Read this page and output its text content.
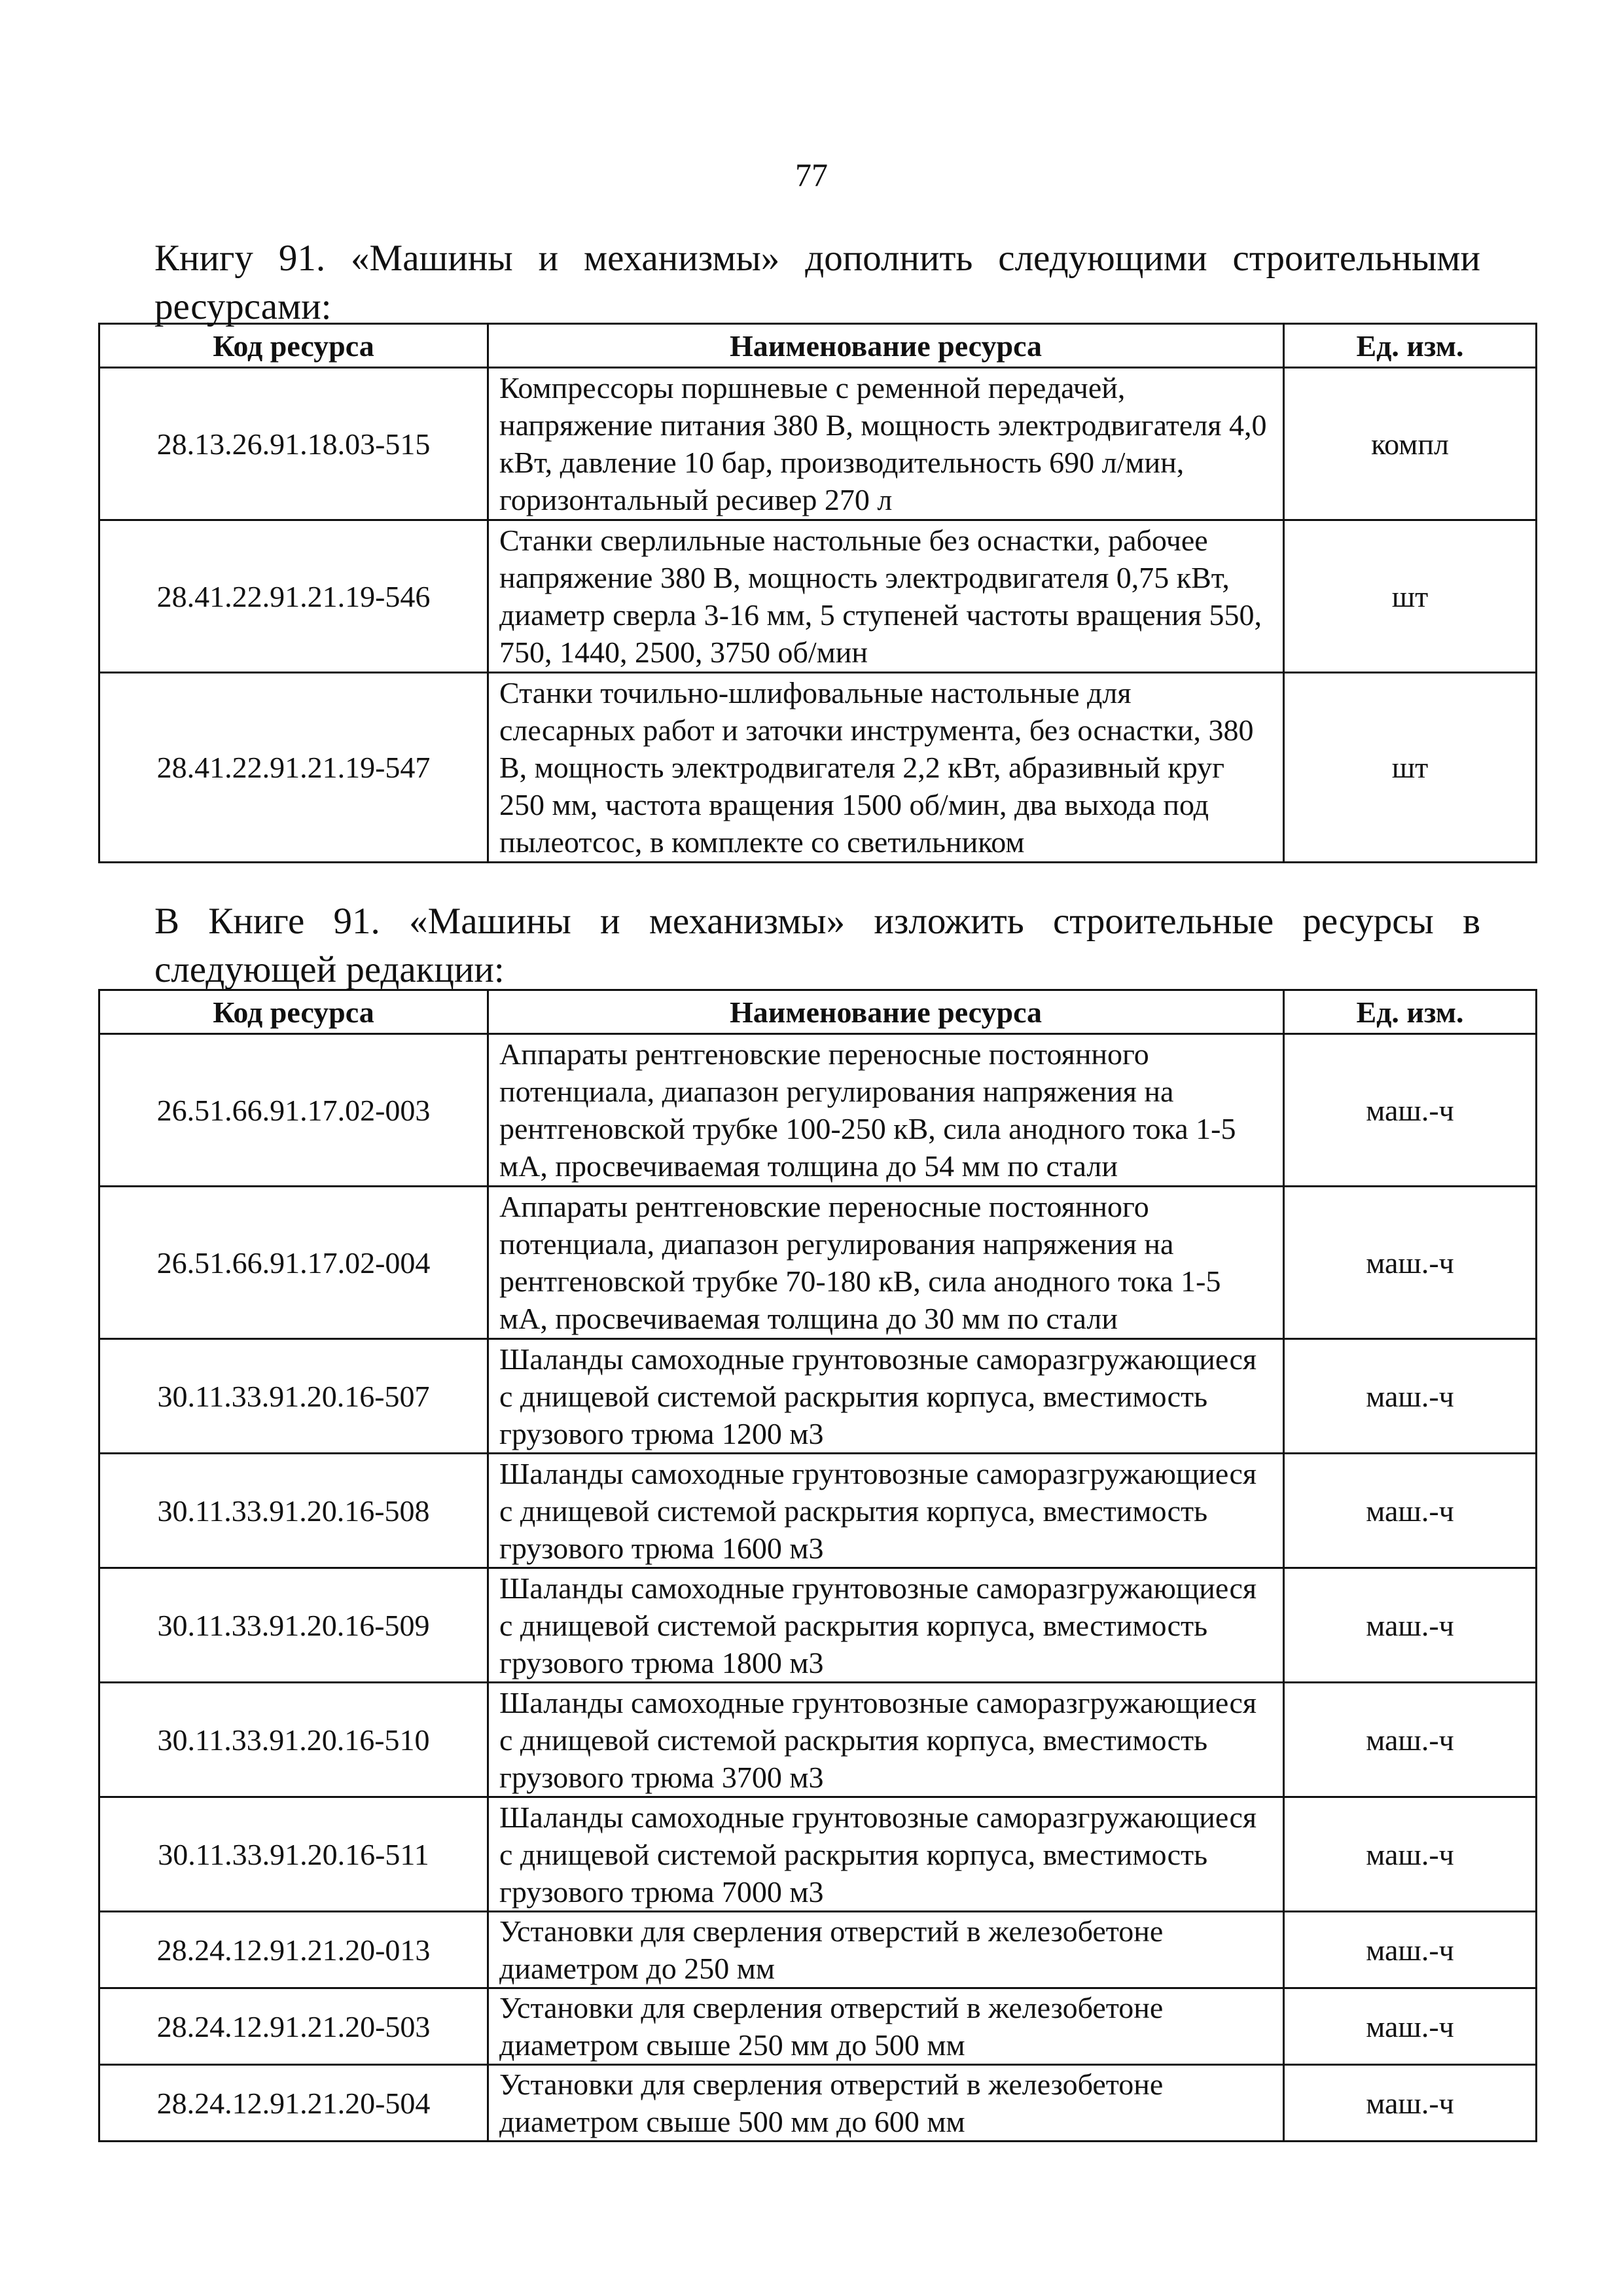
77
Книгу 91. «Машины и механизмы» дополнить следующими строительными ресурсами:
Код ресурса	Наименование ресурса	Ед. изм.
28.13.26.91.18.03-515	Компрессоры поршневые с ременной передачей, напряжение питания 380 В, мощность электродвигателя 4,0 кВт, давление 10 бар, производительность 690 л/мин, горизонтальный ресивер 270 л	компл
28.41.22.91.21.19-546	Станки сверлильные настольные без оснастки, рабочее напряжение 380 В, мощность электродвигателя 0,75 кВт, диаметр сверла 3-16 мм, 5 ступеней частоты вращения 550, 750, 1440, 2500, 3750 об/мин	шт
28.41.22.91.21.19-547	Станки точильно-шлифовальные настольные для слесарных работ и заточки инструмента, без оснастки, 380 В, мощность электродвигателя 2,2 кВт, абразивный круг 250 мм, частота вращения 1500 об/мин, два выхода под пылеотсос, в комплекте со светильником	шт
В Книге 91. «Машины и механизмы» изложить строительные ресурсы в следующей редакции:
Код ресурса	Наименование ресурса	Ед. изм.
26.51.66.91.17.02-003	Аппараты рентгеновские переносные постоянного потенциала, диапазон регулирования напряжения на рентгеновской трубке 100-250 кВ, сила анодного тока 1-5 мА, просвечиваемая толщина до 54 мм по стали	маш.-ч
26.51.66.91.17.02-004	Аппараты рентгеновские переносные постоянного потенциала, диапазон регулирования напряжения на рентгеновской трубке 70-180 кВ, сила анодного тока 1-5 мА, просвечиваемая толщина до 30 мм по стали	маш.-ч
30.11.33.91.20.16-507	Шаланды самоходные грунтовозные саморазгружающиеся с днищевой системой раскрытия корпуса, вместимость грузового трюма 1200 м3	маш.-ч
30.11.33.91.20.16-508	Шаланды самоходные грунтовозные саморазгружающиеся с днищевой системой раскрытия корпуса, вместимость грузового трюма 1600 м3	маш.-ч
30.11.33.91.20.16-509	Шаланды самоходные грунтовозные саморазгружающиеся с днищевой системой раскрытия корпуса, вместимость грузового трюма 1800 м3	маш.-ч
30.11.33.91.20.16-510	Шаланды самоходные грунтовозные саморазгружающиеся с днищевой системой раскрытия корпуса, вместимость грузового трюма 3700 м3	маш.-ч
30.11.33.91.20.16-511	Шаланды самоходные грунтовозные саморазгружающиеся с днищевой системой раскрытия корпуса, вместимость грузового трюма 7000 м3	маш.-ч
28.24.12.91.21.20-013	Установки для сверления отверстий в железобетоне диаметром до 250 мм	маш.-ч
28.24.12.91.21.20-503	Установки для сверления отверстий в железобетоне диаметром свыше 250 мм до 500 мм	маш.-ч
28.24.12.91.21.20-504	Установки для сверления отверстий в железобетоне диаметром свыше 500 мм до 600 мм	маш.-ч
